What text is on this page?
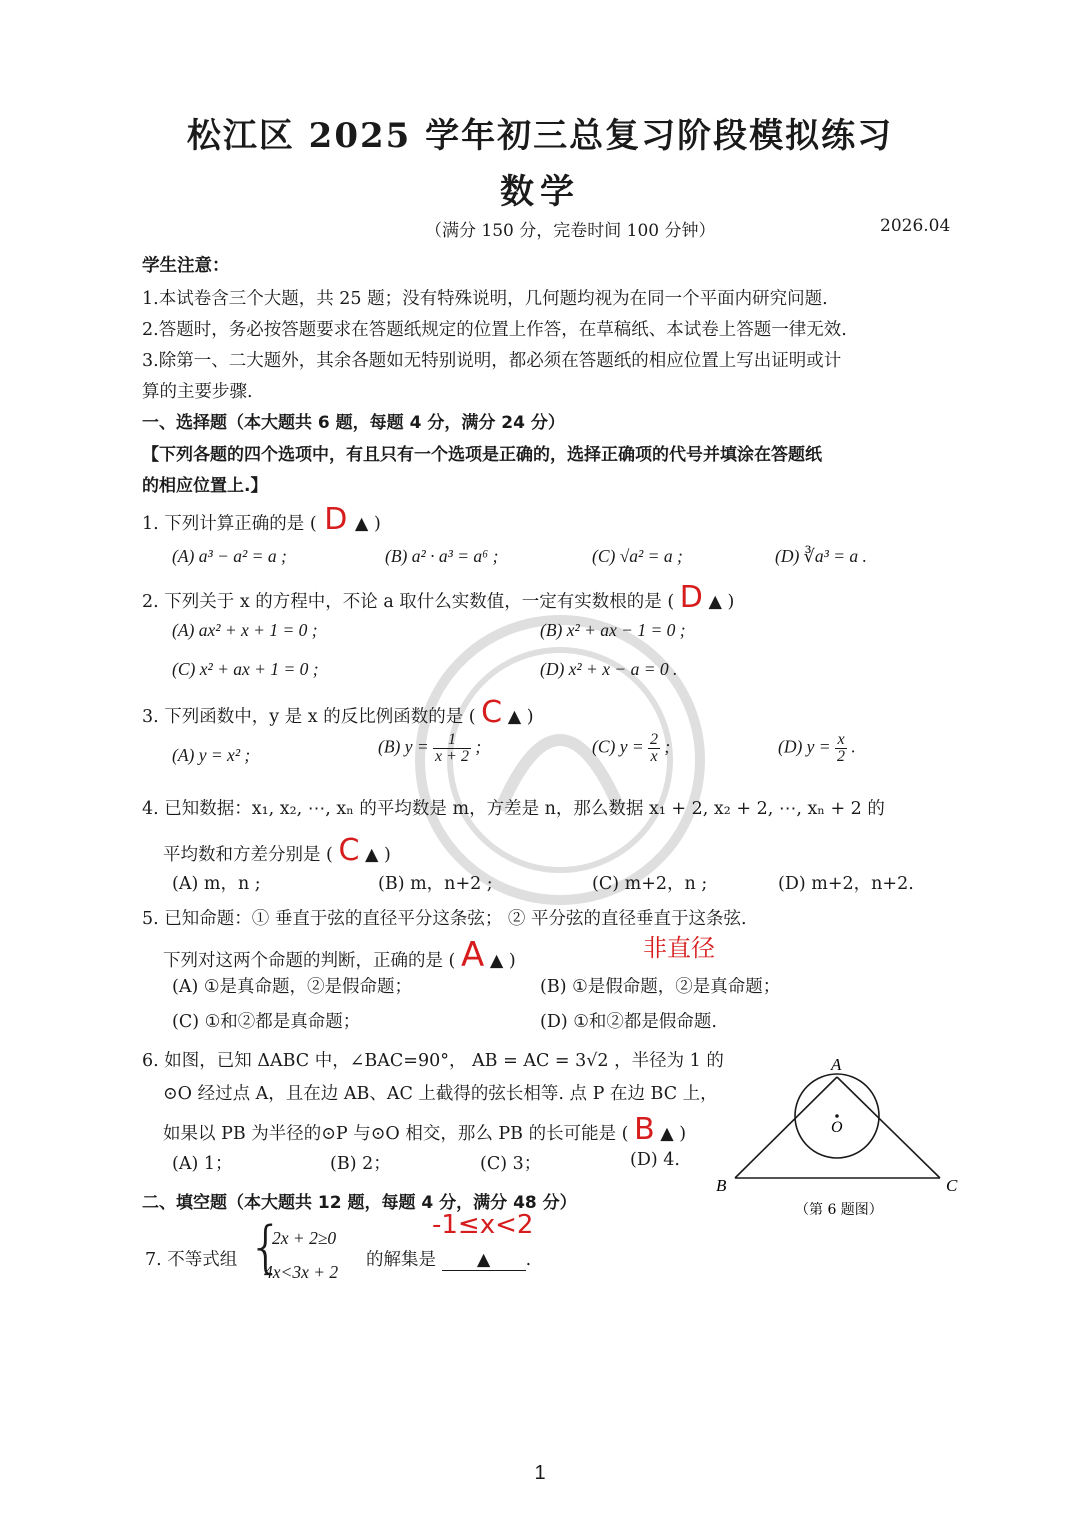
松江区 2025 学年初三总复习阶段模拟练习
数学
（满分 150 分，完卷时间 100 分钟）	2026.04
学生注意：
1.本试卷含三个大题，共 25 题；没有特殊说明，几何题均视为在同一个平面内研究问题.
2.答题时，务必按答题要求在答题纸规定的位置上作答，在草稿纸、本试卷上答题一律无效.
3.除第一、二大题外，其余各题如无特别说明，都必须在答题纸的相应位置上写出证明或计
算的主要步骤.
一、选择题（本大题共 6 题，每题 4 分，满分 24 分）
【下列各题的四个选项中，有且只有一个选项是正确的，选择正确项的代号并填涂在答题纸
的相应位置上.】
1. 下列计算正确的是 ( D ▲ )
(A) a³ − a² = a ;	(B) a² · a³ = a⁶ ;	(C) √a² = a ;	(D) ∛a³ = a .
2. 下列关于 x 的方程中，不论 a 取什么实数值，一定有实数根的是 ( D ▲ )
(A) ax² + x + 1 = 0 ;	(B) x² + ax − 1 = 0 ;
(C) x² + ax + 1 = 0 ;	(D) x² + x − a = 0 .
3. 下列函数中，y 是 x 的反比例函数的是 ( C ▲ )
(A) y = x² ;	(B) $y = \frac{1}{x + 2}$ ;	(C) $y = \frac{2}{x}$ ;	(D) $y = \frac{x}{2}$ .
4. 已知数据：x₁, x₂, ⋯, xₙ 的平均数是 m，方差是 n，那么数据 x₁ + 2, x₂ + 2, ⋯, xₙ + 2 的
平均数和方差分别是 ( C ▲ )
(A) m，n ;	(B) m，n+2 ;	(C) m+2，n ;	(D) m+2，n+2.
5. 已知命题：① 垂直于弦的直径平分这条弦； ② 平分弦的直径垂直于这条弦.
下列对这两个命题的判断，正确的是 ( A ▲ )	非直径
(A) ①是真命题，②是假命题；	(B) ①是假命题，②是真命题；
(C) ①和②都是真命题；	(D) ①和②都是假命题.
6. 如图，已知 ΔABC 中，∠BAC=90°， AB = AC = 3√2 ，半径为 1 的
⊙O 经过点 A，且在边 AB、AC 上截得的弦长相等. 点 P 在边 BC 上，
如果以 PB 为半径的⊙P 与⊙O 相交，那么 PB 的长可能是 ( B ▲ )
(A) 1；	(B) 2；	(C) 3；	(D) 4.
A
B	C
O
（第 6 题图）
二、填空题（本大题共 12 题，每题 4 分，满分 48 分）
7. 不等式组 {
2x + 2≥0
4x<3x + 2
的解集是 ▲ .
-1≤x<2
1
